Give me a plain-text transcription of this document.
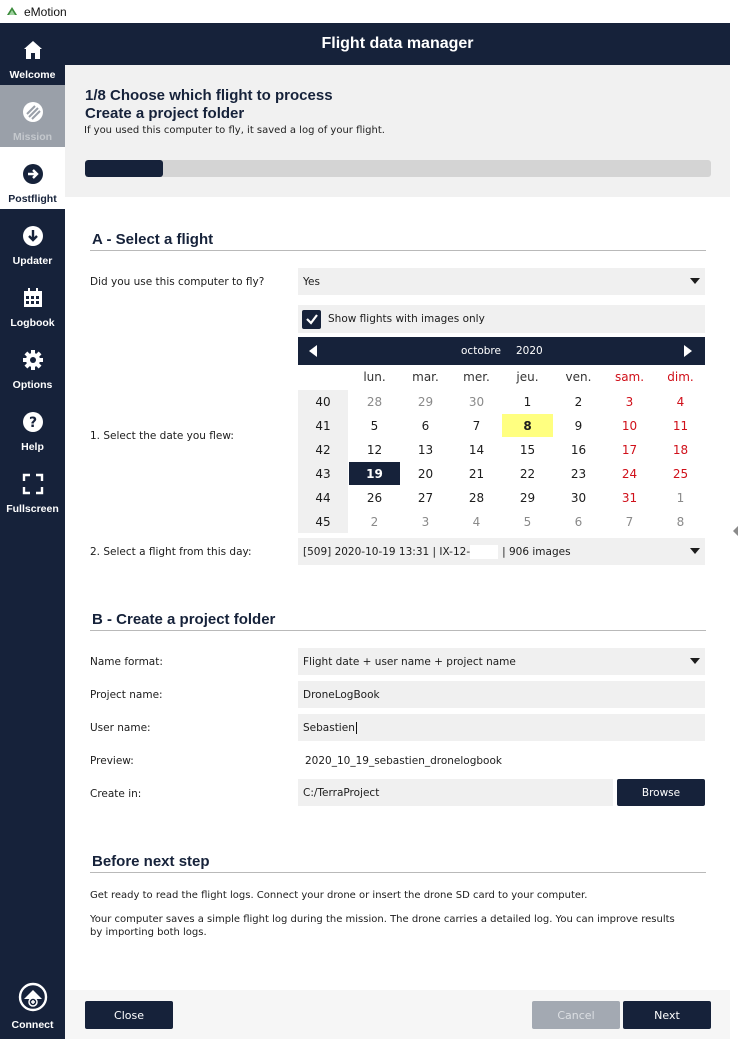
eMotion
Welcome
Mission
Postflight
Updater
Logbook
Options
?
Help
Fullscreen
Connect
Flight data manager
1/8 Choose which flight to process
Create a project folder
If you used this computer to fly, it saved a log of your flight.
A - Select a flight
Did you use this computer to fly?	Yes
Show flights with images only
octobre 2020
lun.	mar.	mer.	jeu.	ven.	sam.	dim.
40	28	29	30	1	2	3	4
41	5	6	7	8	9	10	11
42	12	13	14	15	16	17	18
43	19	20	21	22	23	24	25
44	26	27	28	29	30	31	1
45	2	3	4	5	6	7	8
1. Select the date you flew:
2. Select a flight from this day:	[509] 2020-10-19 13:31 | IX-12-	| 906 images
B - Create a project folder
Name format:	Flight date + user name + project name
Project name:	DroneLogBook
User name:	Sebastien
Preview:	2020_10_19_sebastien_dronelogbook
Create in:	C:/TerraProject	Browse
Before next step
Get ready to read the flight logs. Connect your drone or insert the drone SD card to your computer.
Your computer saves a simple flight log during the mission. The drone carries a detailed log. You can improve results by importing both logs.
Close	Cancel	Next
